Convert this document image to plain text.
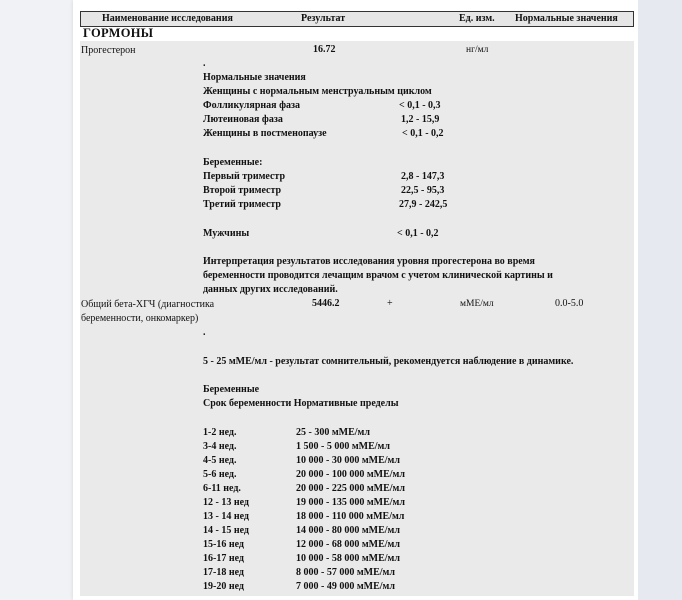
Наименование исследования	Результат	Ед. изм. Нормальные значения
ГОРМОНЫ
Прогестерон	16.72	нг/мл
.
Нормальные значения
Женщины с нормальным менструальным циклом
Фолликулярная фаза	< 0,1 - 0,3
Лютеиновая фаза	1,2 - 15,9
Женщины в постменопаузе	< 0,1 - 0,2
Беременные:
Первый триместр	2,8 - 147,3
Второй триместр	22,5 - 95,3
Третий триместр	27,9 - 242,5
Мужчины	< 0,1 - 0,2
Интерпретация результатов исследования уровня прогестерона во время
беременности проводится лечащим врачом с учетом клинической картины и
данных других исследований.
Общий бета-ХГЧ (диагностика
беременности, онкомаркер)
5446.2	+	мМЕ/мл	0.0-5.0
.
5 - 25 мМЕ/мл - результат сомнительный, рекомендуется наблюдение в динамике.
Беременные
Срок беременности Нормативные пределы
1-2 нед.	25 - 300 мМЕ/мл
3-4 нед.	1 500 - 5 000 мМЕ/мл
4-5 нед.	10 000 - 30 000 мМЕ/мл
5-6 нед.	20 000 - 100 000 мМЕ/мл
6-11 нед.	20 000 - 225 000 мМЕ/мл
12 - 13 нед	19 000 - 135 000 мМЕ/мл
13 - 14 нед	18 000 - 110 000 мМЕ/мл
14 - 15 нед	14 000 - 80 000 мМЕ/мл
15-16 нед	12 000 - 68 000 мМЕ/мл
16-17 нед	10 000 - 58 000 мМЕ/мл
17-18 нед	8 000 - 57 000 мМЕ/мл
19-20 нед	7 000 - 49 000 мМЕ/мл
